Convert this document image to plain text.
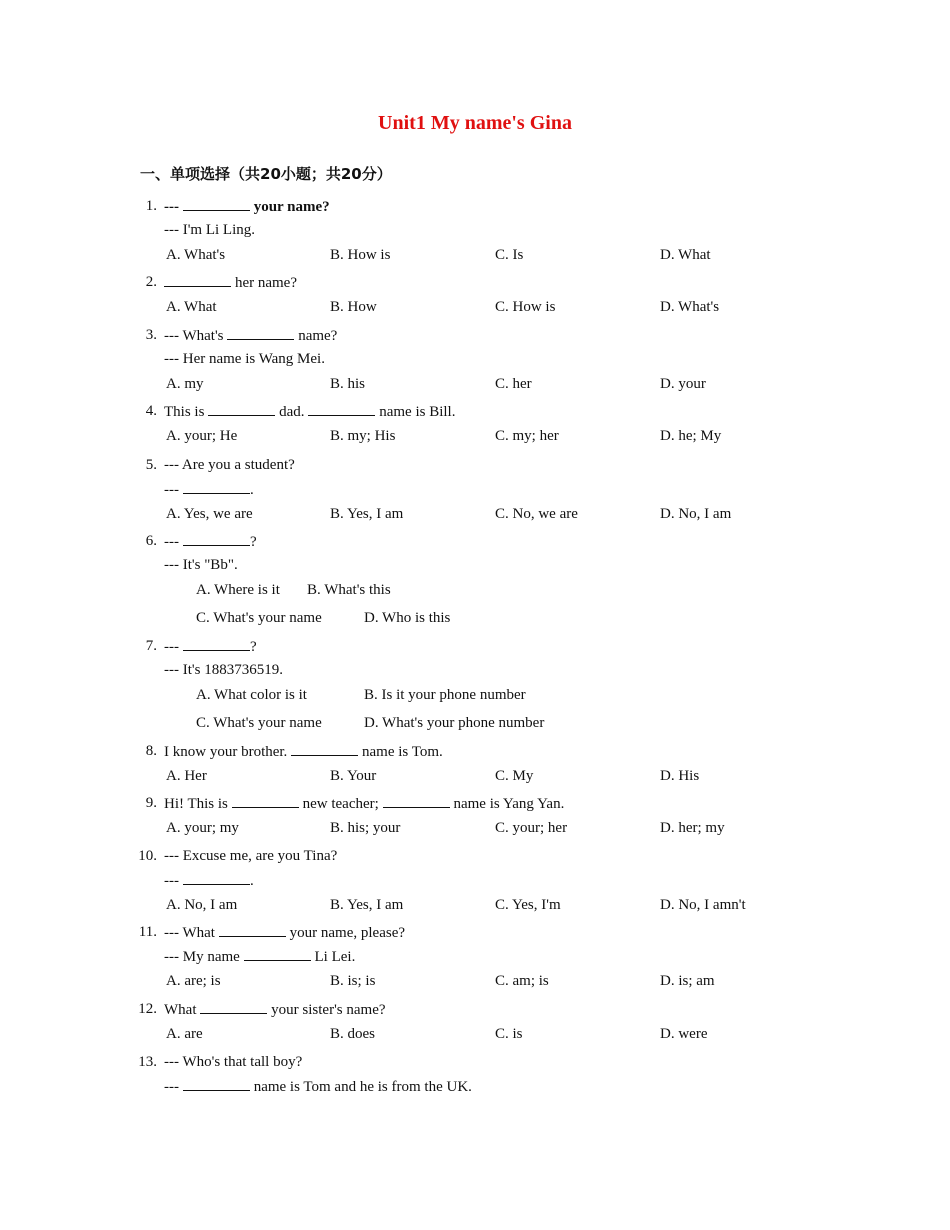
Unit1 My name's Gina
一、单项选择（共20小题；共20分）
1. ---	your name?
--- I'm Li Ling.
A. What's	B. How is	C. Is	D. What
2.	her name?
A. What	B. How	C. How is	D. What's
3. --- What's	name?
--- Her name is Wang Mei.
A. my	B. his	C. her	D. your
4. This is	dad.	name is Bill.
A. your; He	B. my; His	C. my; her	D. he; My
5. --- Are you a student?
---	.
A. Yes, we are	B. Yes, I am	C. No, we are	D. No, I am
6. ---	?
--- It's "Bb".
A. Where is it B. What's this
C. What's your name	D. Who is this
7. ---	?
--- It's 1883736519.
A. What color is it	B. Is it your phone number
C. What's your name	D. What's your phone number
8. I know your brother.	name is Tom.
A. Her	B. Your	C. My	D. His
9. Hi! This is	new teacher;	name is Yang Yan.
A. your; my	B. his; your	C. your; her	D. her; my
10. --- Excuse me, are you Tina?
---	.
A. No, I am	B. Yes, I am	C. Yes, I'm	D. No, I amn't
11. --- What	your name, please?
--- My name	Li Lei.
A. are; is	B. is; is	C. am; is	D. is; am
12. What	your sister's name?
A. are	B. does	C. is	D. were
13. --- Who's that tall boy?
---	name is Tom and he is from the UK.
